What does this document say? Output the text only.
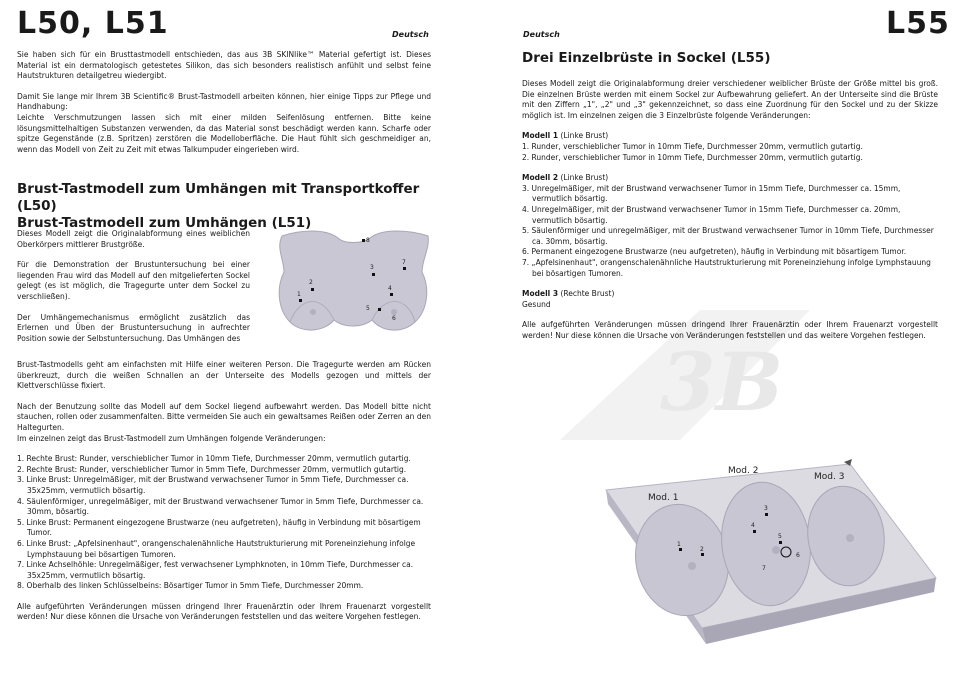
L50, L51	Deutsch

Sie haben sich für ein Brusttastmodell entschieden, das aus 3B SKINlike™ Material gefertigt ist. Dieses Material ist ein dermatologisch getestetes Silikon, das sich besonders realistisch anfühlt und selbst feine Hautstrukturen detailgetreu wiedergibt.

Damit Sie lange mir Ihrem 3B Scientific® Brust-Tastmodell arbeiten können, hier einige Tipps zur Pflege und Handhabung:

Leichte Verschmutzungen lassen sich mit einer milden Seifenlösung entfernen. Bitte keine lösungsmittelhaltigen Substanzen verwenden, da das Material sonst beschädigt werden kann. Scharfe oder spitze Gegenstände (z.B. Spritzen) zerstören die Modelloberfläche. Die Haut fühlt sich geschmeidiger an, wenn das Modell von Zeit zu Zeit mit etwas Talkumpuder eingerieben wird.

Brust-Tastmodell zum Umhängen mit Transportkoffer (L50)

Brust-Tastmodell zum Umhängen (L51)

Dieses Modell zeigt die Originalabformung eines weiblichen Oberkörpers mittlerer Brustgröße.

Für die Demonstration der Brustuntersuchung bei einer liegenden Frau wird das Modell auf den mitgelieferten Sockel gelegt (es ist möglich, die Tragegurte unter dem Sockel zu verschließen).

Der Umhängemechanismus ermöglicht zusätzlich das Erlernen und Üben der Brustuntersuchung in aufrechter Position sowie der Selbstuntersuchung. Das Umhängen des

1
2
3
4
5
6
7
8

Brust-Tastmodells geht am einfachsten mit Hilfe einer weiteren Person. Die Tragegurte werden am Rücken überkreuzt, durch die weißen Schnallen an der Unterseite des Modells gezogen und mittels der Klettverschlüsse fixiert.

Nach der Benutzung sollte das Modell auf dem Sockel liegend aufbewahrt werden. Das Modell bitte nicht stauchen, rollen oder zusammenfalten. Bitte vermeiden Sie auch ein gewaltsames Reißen oder Zerren an den Haltegurten.

Im einzelnen zeigt das Brust-Tastmodell zum Umhängen folgende Veränderungen:

1. Rechte Brust: Runder, verschieblicher Tumor in 10mm Tiefe, Durchmesser 20mm, vermutlich gutartig.
2. Rechte Brust: Runder, verschieblicher Tumor in 5mm Tiefe, Durchmesser 20mm, vermutlich gutartig.
3. Linke Brust: Unregelmäßiger, mit der Brustwand verwachsener Tumor in 5mm Tiefe, Durchmesser ca. 35x25mm, vermutlich bösartig.
4. Säulenförmiger, unregelmäßiger, mit der Brustwand verwachsener Tumor in 5mm Tiefe, Durchmesser ca. 30mm, bösartig.
5. Linke Brust: Permanent eingezogene Brustwarze (neu aufgetreten), häufig in Verbindung mit bösartigem Tumor.
6. Linke Brust: „Apfelsinenhaut", orangenschalenähnliche Hautstrukturierung mit Poreneinziehung infolge Lymphstauung bei bösartigen Tumoren.
7. Linke Achselhöhle: Unregelmäßiger, fest verwachsener Lymphknoten, in 10mm Tiefe, Durchmesser ca. 35x25mm, vermutlich bösartig.
8. Oberhalb des linken Schlüsselbeins: Bösartiger Tumor in 5mm Tiefe, Durchmesser 20mm.

Alle aufgeführten Veränderungen müssen dringend Ihrer Frauenärztin oder Ihrem Frauenarzt vorgestellt werden! Nur diese können die Ursache von Veränderungen feststellen und das weitere Vorgehen festlegen.

3B
Deutsch	L55

Drei Einzelbrüste in Sockel (L55)

Dieses Modell zeigt die Originalabformung dreier verschiedener weiblicher Brüste der Größe mittel bis groß. Die einzelnen Brüste werden mit einem Sockel zur Aufbewahrung geliefert. An der Unterseite sind die Brüste mit den Ziffern „1", „2" und „3" gekennzeichnet, so dass eine Zuordnung für den Sockel und zu der Skizze möglich ist. Im einzelnen zeigen die 3 Einzelbrüste folgende Veränderungen:

Modell 1 (Linke Brust)

1. Runder, verschieblicher Tumor in 10mm Tiefe, Durchmesser 20mm, vermutlich gutartig.
2. Runder, verschieblicher Tumor in 10mm Tiefe, Durchmesser 20mm, vermutlich gutartig.

Modell 2 (Linke Brust)

3. Unregelmäßiger, mit der Brustwand verwachsener Tumor in 15mm Tiefe, Durchmesser ca. 15mm, vermutlich bösartig.
4. Unregelmäßiger, mit der Brustwand verwachsener Tumor in 15mm Tiefe, Durchmesser ca. 20mm, vermutlich bösartig.
5. Säulenförmiger und unregelmäßiger, mit der Brustwand verwachsener Tumor in 10mm Tiefe, Durchmesser ca. 30mm, bösartig.
6. Permanent eingezogene Brustwarze (neu aufgetreten), häufig in Verbindung mit bösartigem Tumor.
7. „Apfelsinenhaut", orangenschalenähnliche Hautstrukturierung mit Poreneinziehung infolge Lymphstauung bei bösartigen Tumoren.

Modell 3 (Rechte Brust)

Gesund

Alle aufgeführten Veränderungen müssen dringend Ihrer Frauenärztin oder Ihrem Frauenarzt vorgestellt werden! Nur diese können die Ursache von Veränderungen feststellen und das weitere Vorgehen festlegen.

Mod. 1
Mod. 2
Mod. 3
1
2
3
4
5
6
7
